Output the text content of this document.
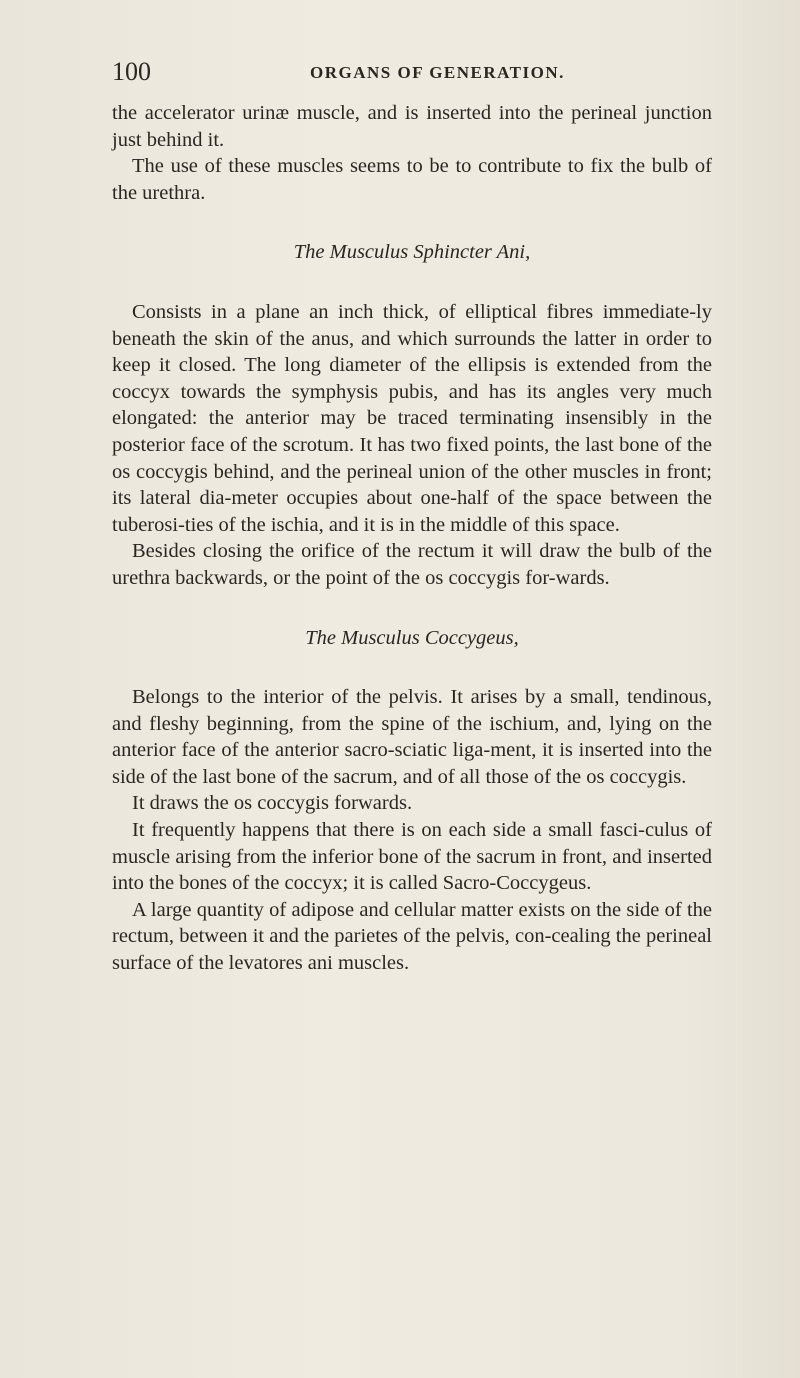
100	ORGANS OF GENERATION.

the accelerator urinæ muscle, and is inserted into the perineal junction just behind it.

The use of these muscles seems to be to contribute to fix the bulb of the urethra.

The Musculus Sphincter Ani,

Consists in a plane an inch thick, of elliptical fibres immediate-ly beneath the skin of the anus, and which surrounds the latter in order to keep it closed. The long diameter of the ellipsis is extended from the coccyx towards the symphysis pubis, and has its angles very much elongated: the anterior may be traced terminating insensibly in the posterior face of the scrotum. It has two fixed points, the last bone of the os coccygis behind, and the perineal union of the other muscles in front; its lateral dia-meter occupies about one-half of the space between the tuberosi-ties of the ischia, and it is in the middle of this space.

Besides closing the orifice of the rectum it will draw the bulb of the urethra backwards, or the point of the os coccygis for-wards.

The Musculus Coccygeus,

Belongs to the interior of the pelvis. It arises by a small, tendinous, and fleshy beginning, from the spine of the ischium, and, lying on the anterior face of the anterior sacro-sciatic liga-ment, it is inserted into the side of the last bone of the sacrum, and of all those of the os coccygis.

It draws the os coccygis forwards.

It frequently happens that there is on each side a small fasci-culus of muscle arising from the inferior bone of the sacrum in front, and inserted into the bones of the coccyx; it is called Sacro-Coccygeus.

A large quantity of adipose and cellular matter exists on the side of the rectum, between it and the parietes of the pelvis, con-cealing the perineal surface of the levatores ani muscles.
